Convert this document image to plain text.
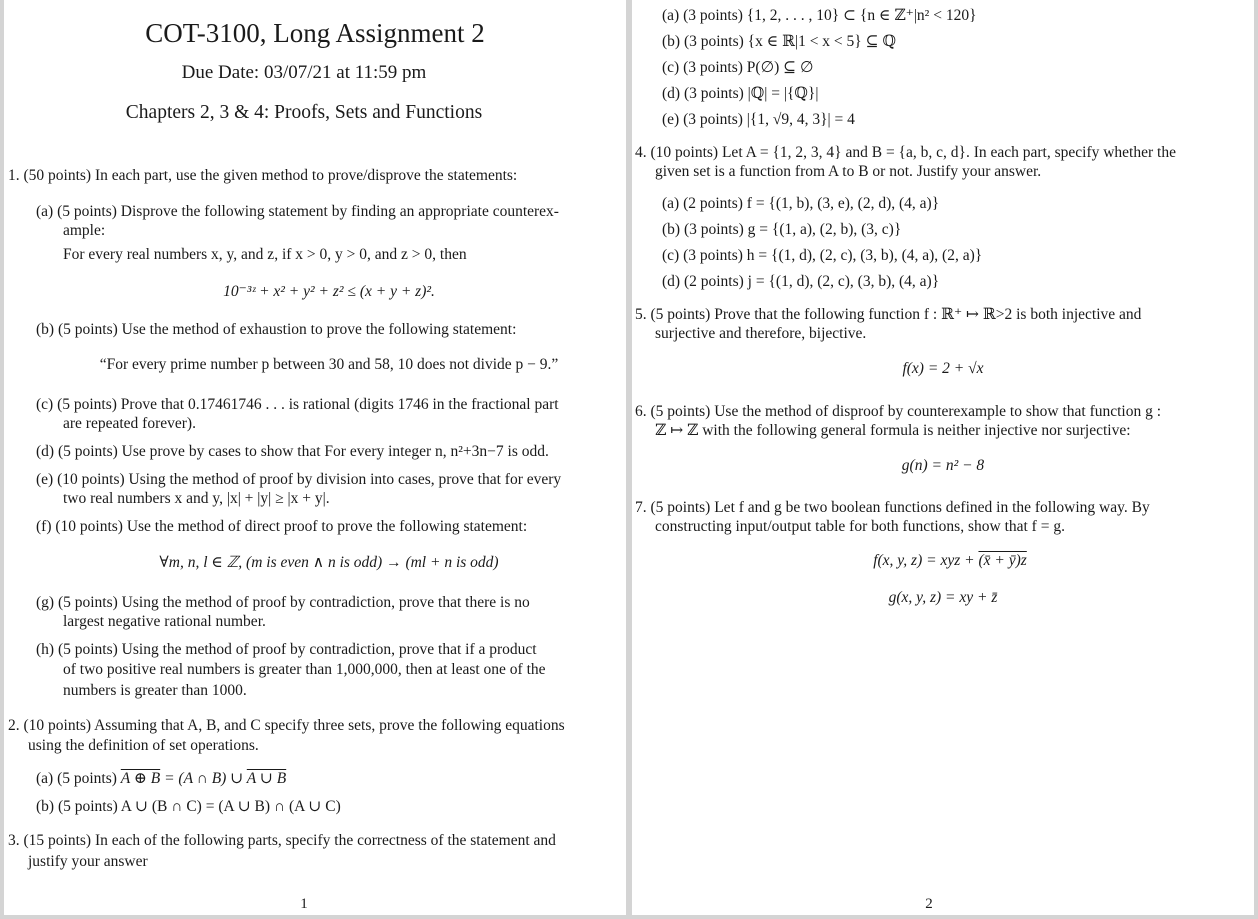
COT-3100, Long Assignment 2
Due Date: 03/07/21 at 11:59 pm
Chapters 2, 3 & 4: Proofs, Sets and Functions
1. (50 points) In each part, use the given method to prove/disprove the statements:
(a) (5 points) Disprove the following statement by finding an appropriate counterex-
ample:
For every real numbers x, y, and z, if x > 0, y > 0, and z > 0, then
10⁻³ᶻ + x² + y² + z² ≤ (x + y + z)².
(b) (5 points) Use the method of exhaustion to prove the following statement:
“For every prime number p between 30 and 58, 10 does not divide p − 9.”
(c) (5 points) Prove that 0.17461746 . . . is rational (digits 1746 in the fractional part
are repeated forever).
(d) (5 points) Use prove by cases to show that For every integer n, n²+3n−7 is odd.
(e) (10 points) Using the method of proof by division into cases, prove that for every
two real numbers x and y, |x| + |y| ≥ |x + y|.
(f) (10 points) Use the method of direct proof to prove the following statement:
∀m, n, l ∈ ℤ, (m is even ∧ n is odd) → (ml + n is odd)
(g) (5 points) Using the method of proof by contradiction, prove that there is no
largest negative rational number.
(h) (5 points) Using the method of proof by contradiction, prove that if a product
of two positive real numbers is greater than 1,000,000, then at least one of the
numbers is greater than 1000.
2. (10 points) Assuming that A, B, and C specify three sets, prove the following equations
using the definition of set operations.
(a) (5 points) A ⊕ B = (A ∩ B) ∪ A ∪ B
(b) (5 points) A ∪ (B ∩ C) = (A ∪ B) ∩ (A ∪ C)
3. (15 points) In each of the following parts, specify the correctness of the statement and
justify your answer
1
(a) (3 points) {1, 2, . . . , 10} ⊂ {n ∈ ℤ⁺|n² < 120}
(b) (3 points) {x ∈ ℝ|1 < x < 5} ⊆ ℚ
(c) (3 points) P(∅) ⊆ ∅
(d) (3 points) |ℚ| = |{ℚ}|
(e) (3 points) |{1, √9, 4, 3}| = 4
4. (10 points) Let A = {1, 2, 3, 4} and B = {a, b, c, d}. In each part, specify whether the
given set is a function from A to B or not. Justify your answer.
(a) (2 points) f = {(1, b), (3, e), (2, d), (4, a)}
(b) (3 points) g = {(1, a), (2, b), (3, c)}
(c) (3 points) h = {(1, d), (2, c), (3, b), (4, a), (2, a)}
(d) (2 points) j = {(1, d), (2, c), (3, b), (4, a)}
5. (5 points) Prove that the following function f : ℝ⁺ ↦ ℝ>2 is both injective and
surjective and therefore, bijective.
f(x) = 2 + √x
6. (5 points) Use the method of disproof by counterexample to show that function g :
ℤ ↦ ℤ with the following general formula is neither injective nor surjective:
g(n) = n² − 8
7. (5 points) Let f and g be two boolean functions defined in the following way. By
constructing input/output table for both functions, show that f = g.
f(x, y, z) = xyz + (x̄ + ȳ)z
g(x, y, z) = xy + z̄
2
